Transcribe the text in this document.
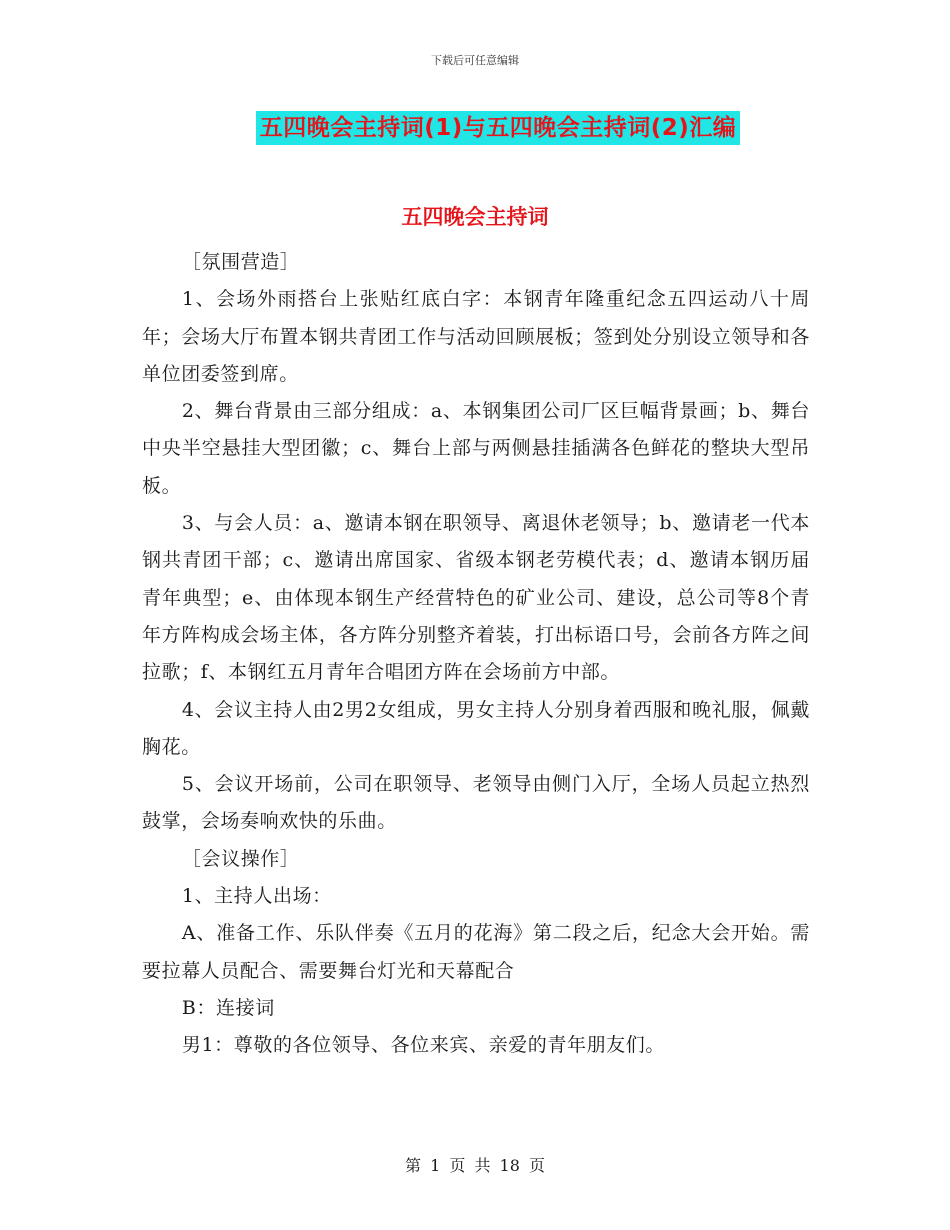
下载后可任意编辑
五四晚会主持词(1)与五四晚会主持词(2)汇编
五四晚会主持词

［氛围营造］

1、会场外雨搭台上张贴红底白字：本钢青年隆重纪念五四运动八十周年；会场大厅布置本钢共青团工作与活动回顾展板；签到处分别设立领导和各单位团委签到席。

2、舞台背景由三部分组成：a、本钢集团公司厂区巨幅背景画；b、舞台中央半空悬挂大型团徽；c、舞台上部与两侧悬挂插满各色鲜花的整块大型吊板。

3、与会人员：a、邀请本钢在职领导、离退休老领导；b、邀请老一代本钢共青团干部；c、邀请出席国家、省级本钢老劳模代表；d、邀请本钢历届青年典型；e、由体现本钢生产经营特色的矿业公司、建设，总公司等8个青年方阵构成会场主体，各方阵分别整齐着装，打出标语口号，会前各方阵之间拉歌；f、本钢红五月青年合唱团方阵在会场前方中部。

4、会议主持人由2男2女组成，男女主持人分别身着西服和晚礼服，佩戴胸花。

5、会议开场前，公司在职领导、老领导由侧门入厅，全场人员起立热烈鼓掌，会场奏响欢快的乐曲。

［会议操作］

1、主持人出场：

A、准备工作、乐队伴奏《五月的花海》第二段之后，纪念大会开始。需要拉幕人员配合、需要舞台灯光和天幕配合

B：连接词

男1：尊敬的各位领导、各位来宾、亲爱的青年朋友们。

第 1 页 共 18 页
